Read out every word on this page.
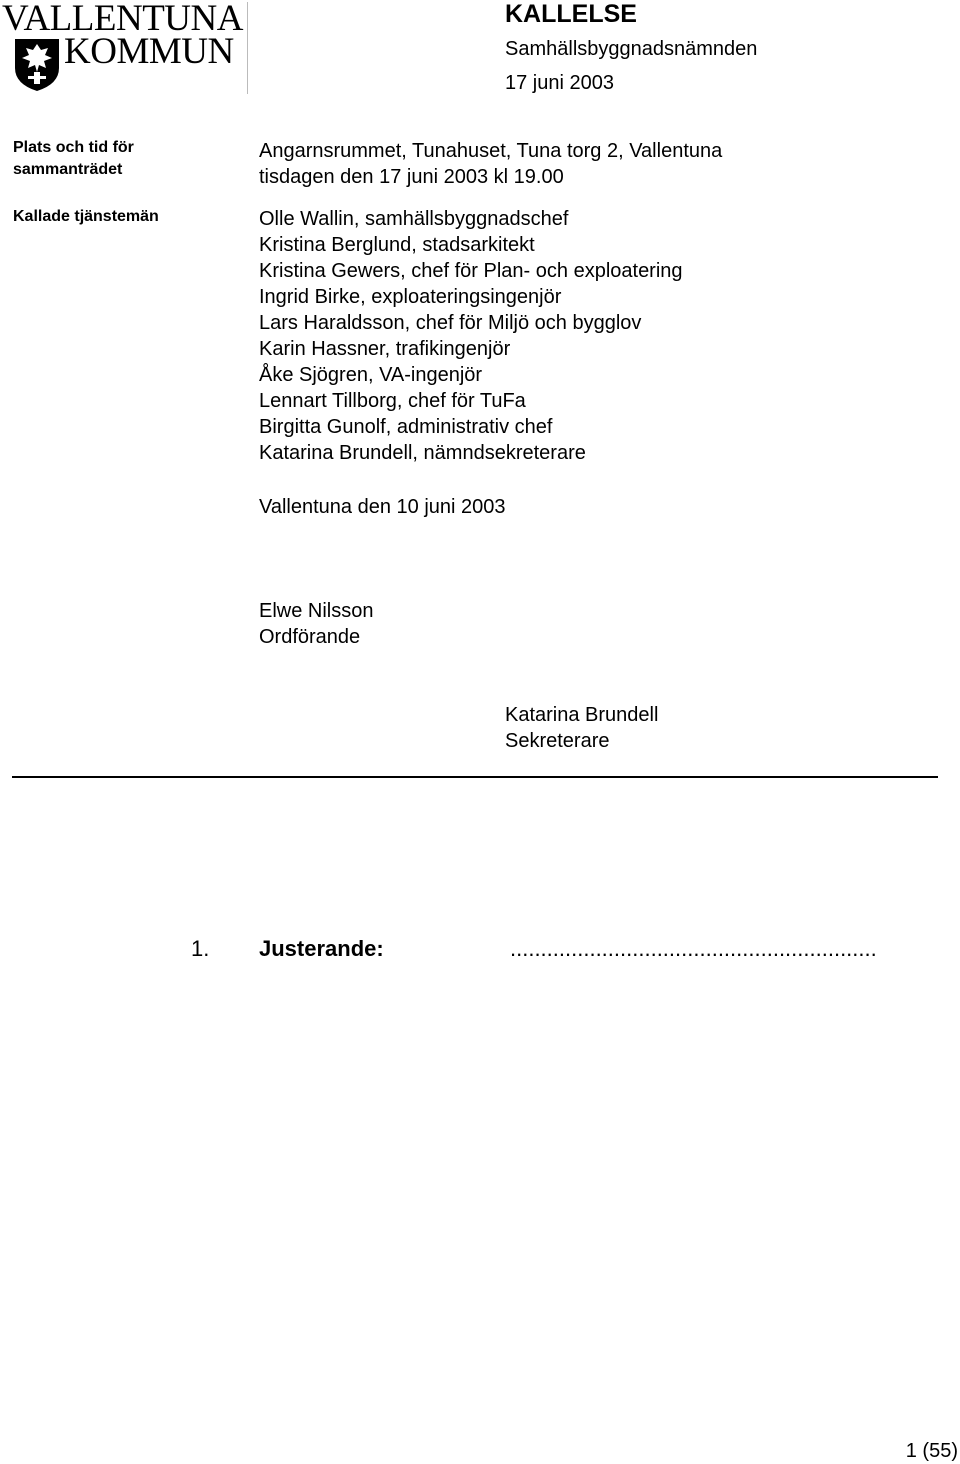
VALLENTUNA
KOMMUN
KALLELSE
Samhällsbyggnadsnämnden
17 juni 2003
Plats och tid för sammanträdet
Angarnsrummet, Tunahuset, Tuna torg 2, Vallentuna
tisdagen den 17 juni 2003 kl 19.00
Kallade tjänstemän	Olle Wallin, samhällsbyggnadschef
Kristina Berglund, stadsarkitekt
Kristina Gewers, chef för Plan- och exploatering
Ingrid Birke, exploateringsingenjör
Lars Haraldsson, chef för Miljö och bygglov
Karin Hassner, trafikingenjör
Åke Sjögren, VA-ingenjör
Lennart Tillborg, chef för TuFa
Birgitta Gunolf, administrativ chef
Katarina Brundell, nämndsekreterare
Vallentuna den 10 juni 2003
Elwe Nilsson
Ordförande
Katarina Brundell
Sekreterare
1. Justerande:	............................................................
1 (55)
